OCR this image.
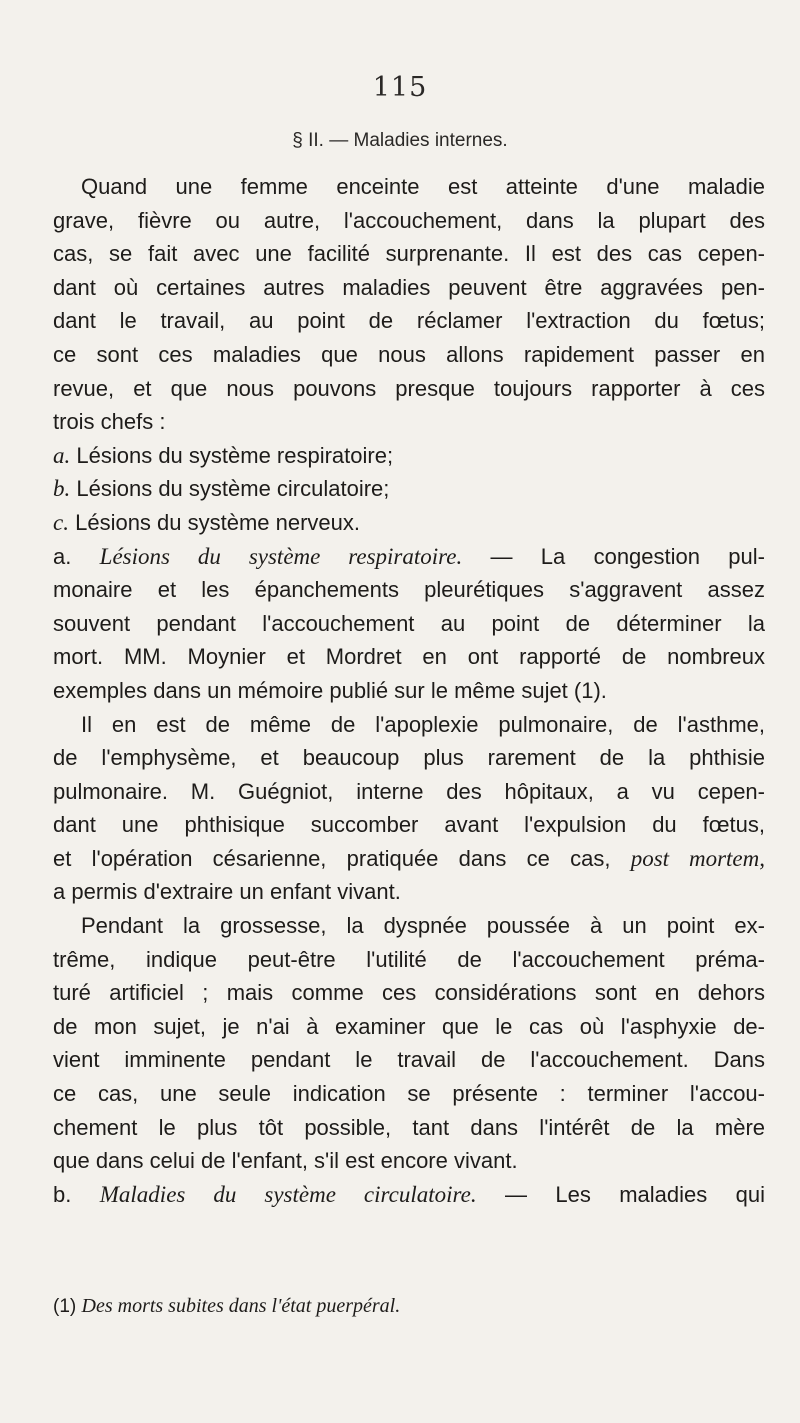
115
§ II. — Maladies internes.
Quand une femme enceinte est atteinte d'une maladie
grave, fièvre ou autre, l'accouchement, dans la plupart des
cas, se fait avec une facilité surprenante. Il est des cas cepen-
dant où certaines autres maladies peuvent être aggravées pen-
dant le travail, au point de réclamer l'extraction du fœtus;
ce sont ces maladies que nous allons rapidement passer en
revue, et que nous pouvons presque toujours rapporter à ces
trois chefs :
a. Lésions du système respiratoire;
b. Lésions du système circulatoire;
c. Lésions du système nerveux.
a. Lésions du système respiratoire. — La congestion pul-
monaire et les épanchements pleurétiques s'aggravent assez
souvent pendant l'accouchement au point de déterminer la
mort. MM. Moynier et Mordret en ont rapporté de nombreux
exemples dans un mémoire publié sur le même sujet (1).
Il en est de même de l'apoplexie pulmonaire, de l'asthme,
de l'emphysème, et beaucoup plus rarement de la phthisie
pulmonaire. M. Guégniot, interne des hôpitaux, a vu cepen-
dant une phthisique succomber avant l'expulsion du fœtus,
et l'opération césarienne, pratiquée dans ce cas, post mortem,
a permis d'extraire un enfant vivant.
Pendant la grossesse, la dyspnée poussée à un point ex-
trême, indique peut-être l'utilité de l'accouchement préma-
turé artificiel ; mais comme ces considérations sont en dehors
de mon sujet, je n'ai à examiner que le cas où l'asphyxie de-
vient imminente pendant le travail de l'accouchement. Dans
ce cas, une seule indication se présente : terminer l'accou-
chement le plus tôt possible, tant dans l'intérêt de la mère
que dans celui de l'enfant, s'il est encore vivant.
b. Maladies du système circulatoire. — Les maladies qui
(1) Des morts subites dans l'état puerpéral.
